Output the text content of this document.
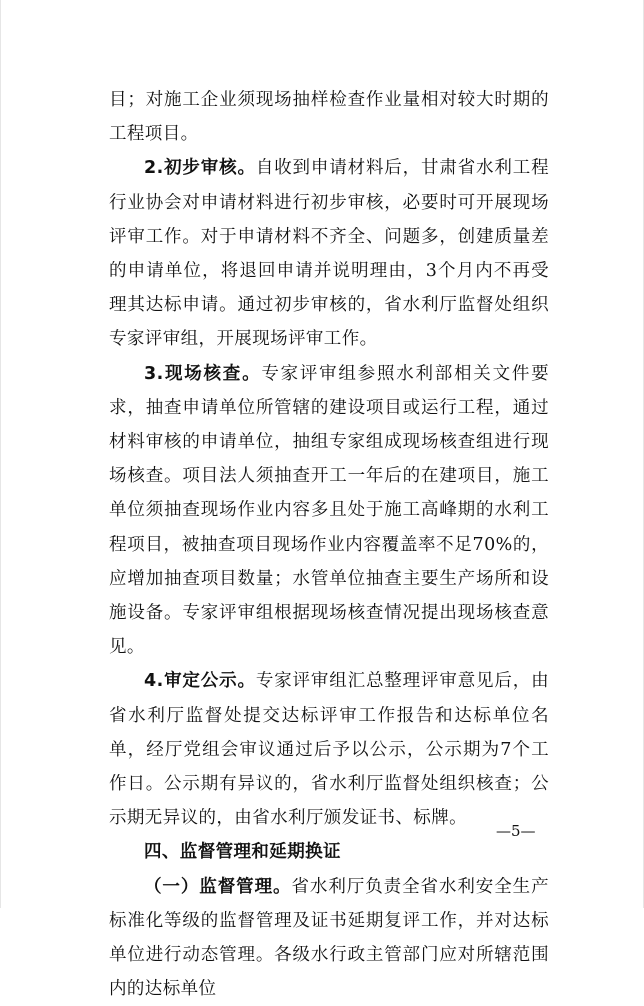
目；对施工企业须现场抽样检查作业量相对较大时期的工程项目。

2.初步审核。自收到申请材料后，甘肃省水利工程行业协会对申请材料进行初步审核，必要时可开展现场评审工作。对于申请材料不齐全、问题多，创建质量差的申请单位，将退回申请并说明理由，3个月内不再受理其达标申请。通过初步审核的，省水利厅监督处组织专家评审组，开展现场评审工作。

3.现场核查。专家评审组参照水利部相关文件要求，抽查申请单位所管辖的建设项目或运行工程，通过材料审核的申请单位，抽组专家组成现场核查组进行现场核查。项目法人须抽查开工一年后的在建项目，施工单位须抽查现场作业内容多且处于施工高峰期的水利工程项目，被抽查项目现场作业内容覆盖率不足70%的，应增加抽查项目数量；水管单位抽查主要生产场所和设施设备。专家评审组根据现场核查情况提出现场核查意见。

4.审定公示。专家评审组汇总整理评审意见后，由省水利厅监督处提交达标评审工作报告和达标单位名单，经厅党组会审议通过后予以公示，公示期为7个工作日。公示期有异议的，省水利厅监督处组织核查；公示期无异议的，由省水利厅颁发证书、标牌。

四、监督管理和延期换证

（一）监督管理。省水利厅负责全省水利安全生产标准化等级的监督管理及证书延期复评工作，并对达标单位进行动态管理。各级水行政主管部门应对所辖范围内的达标单位

—5—
